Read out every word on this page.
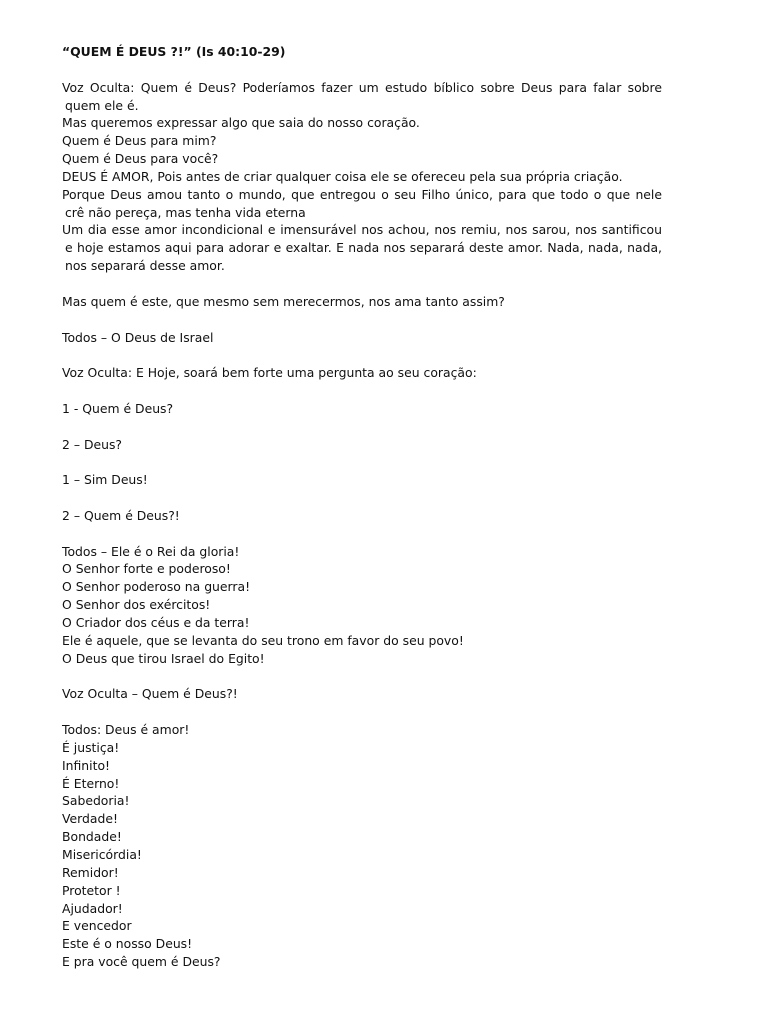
“QUEM É DEUS ?!” (Is 40:10-29)
Voz Oculta: Quem é Deus? Poderíamos fazer um estudo bíblico sobre Deus para falar sobre
quem ele é.
Mas queremos expressar algo que saia do nosso coração.
Quem é Deus para mim?
Quem é Deus para você?
DEUS É AMOR, Pois antes de criar qualquer coisa ele se ofereceu pela sua própria criação.
Porque Deus amou tanto o mundo, que entregou o seu Filho único, para que todo o que nele
crê não pereça, mas tenha vida eterna
Um dia esse amor incondicional e imensurável nos achou, nos remiu, nos sarou, nos santificou
e hoje estamos aqui para adorar e exaltar. E nada nos separará deste amor. Nada, nada, nada,
nos separará desse amor.
Mas quem é este, que mesmo sem merecermos, nos ama tanto assim?
Todos – O Deus de Israel
Voz Oculta: E Hoje, soará bem forte uma pergunta ao seu coração:
1 - Quem é Deus?
2 – Deus?
1 – Sim Deus!
2 – Quem é Deus?!
Todos – Ele é o Rei da gloria!
O Senhor forte e poderoso!
O Senhor poderoso na guerra!
O Senhor dos exércitos!
O Criador dos céus e da terra!
Ele é aquele, que se levanta do seu trono em favor do seu povo!
O Deus que tirou Israel do Egito!
Voz Oculta – Quem é Deus?!
Todos: Deus é amor!
É justiça!
Infinito!
É Eterno!
Sabedoria!
Verdade!
Bondade!
Misericórdia!
Remidor!
Protetor !
Ajudador!
E vencedor
Este é o nosso Deus!
E pra você quem é Deus?
